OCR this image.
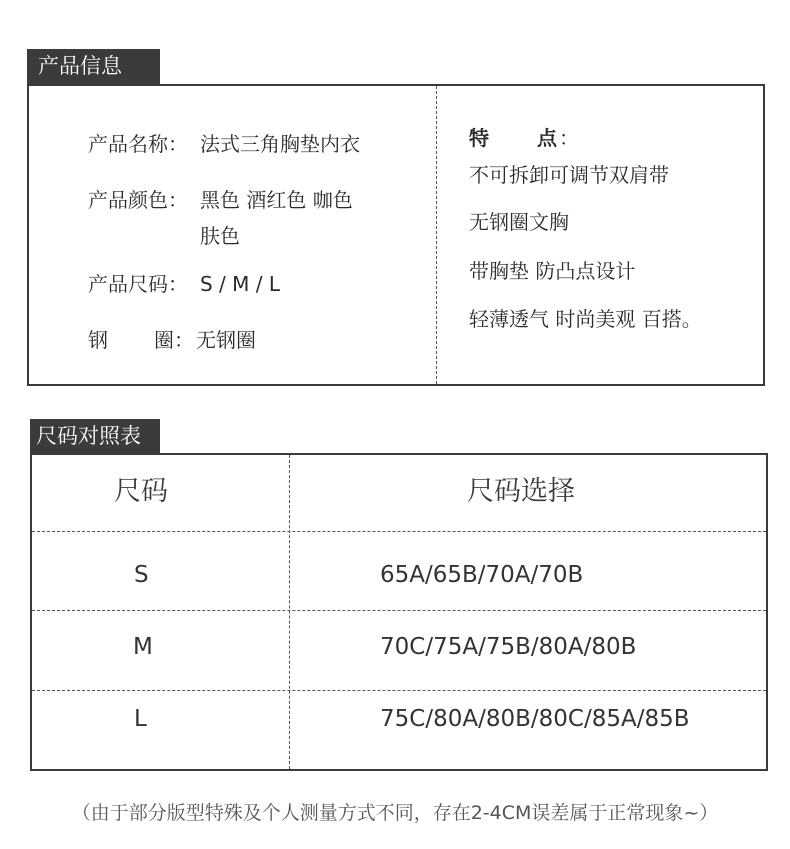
产品信息
产品名称： 法式三角胸垫内衣
产品颜色： 黑色 酒红色 咖色
肤色
产品尺码： S / M / L
钢 圈： 无钢圈
特 点 ：
不可拆卸可调节双肩带
无钢圈文胸
带胸垫 防凸点设计
轻薄透气 时尚美观 百搭。
尺码对照表
尺码	尺码选择
S	65A/65B/70A/70B
M	70C/75A/75B/80A/80B
L	75C/80A/80B/80C/85A/85B
（由于部分版型特殊及个人测量方式不同，存在2-4CM误差属于正常现象~）
